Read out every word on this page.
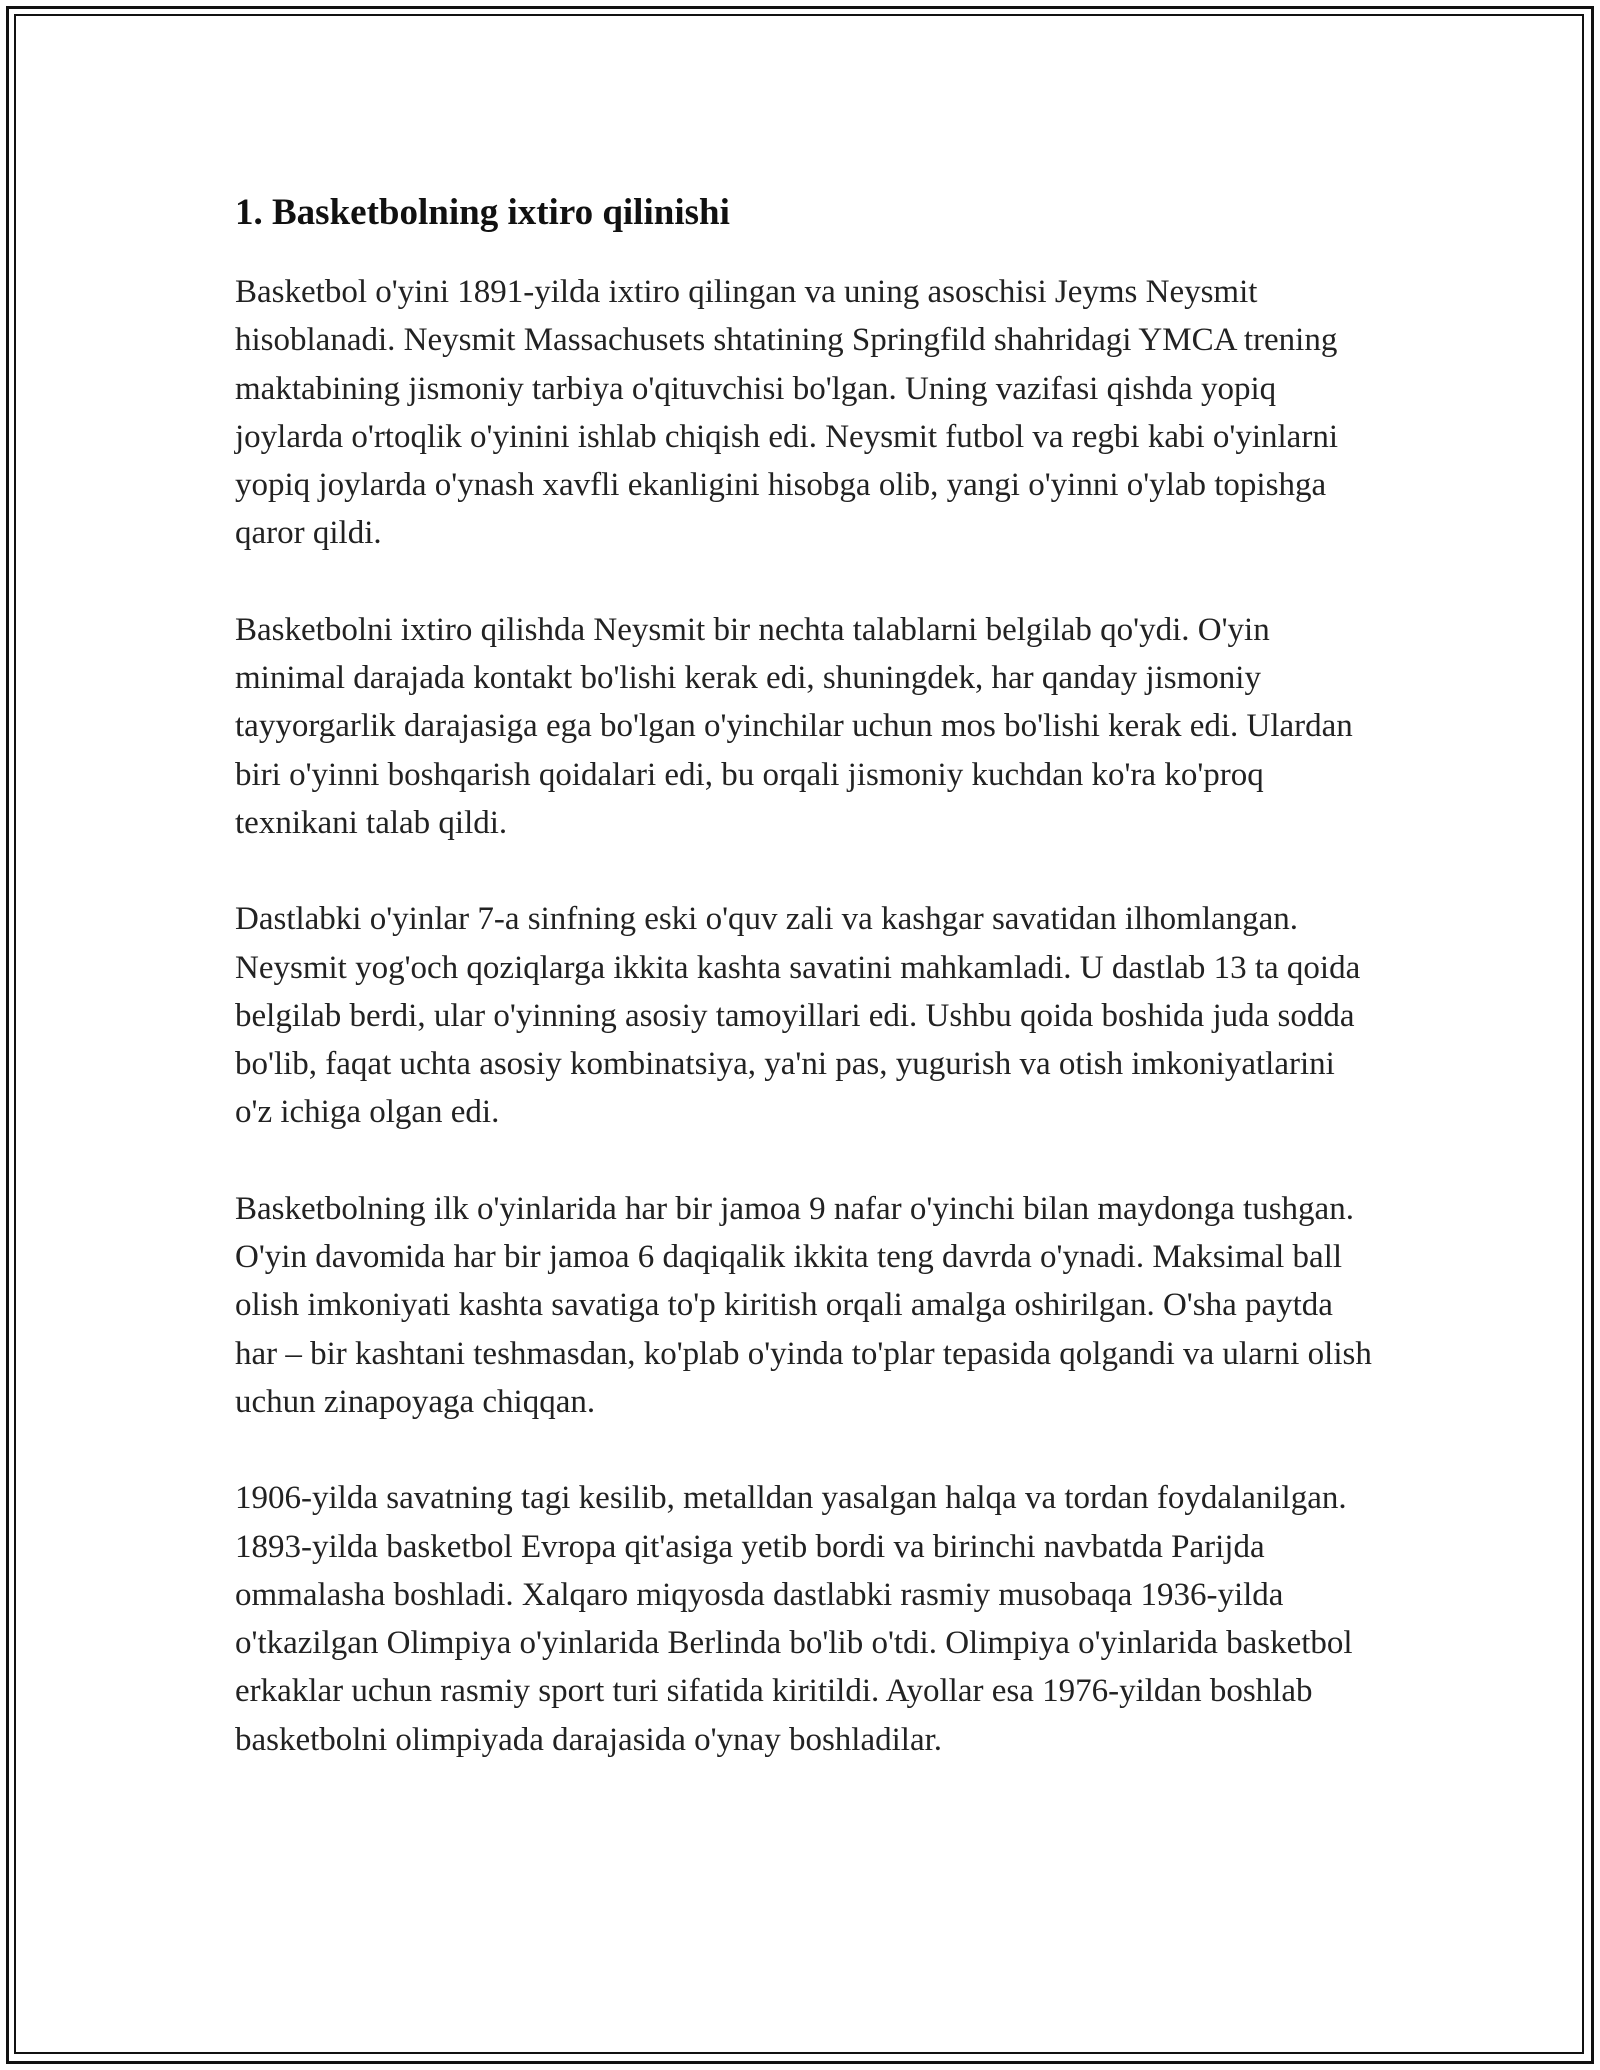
1. Basketbolning ixtiro qilinishi

Basketbol o'yini 1891-yilda ixtiro qilingan va uning asoschisi Jeyms Neysmit hisoblanadi. Neysmit Massachusets shtatining Springfild shahridagi YMCA trening maktabining jismoniy tarbiya o'qituvchisi bo'lgan. Uning vazifasi qishda yopiq joylarda o'rtoqlik o'yinini ishlab chiqish edi. Neysmit futbol va regbi kabi o'yinlarni yopiq joylarda o'ynash xavfli ekanligini hisobga olib, yangi o'yinni o'ylab topishga qaror qildi.

Basketbolni ixtiro qilishda Neysmit bir nechta talablarni belgilab qo'ydi. O'yin minimal darajada kontakt bo'lishi kerak edi, shuningdek, har qanday jismoniy tayyorgarlik darajasiga ega bo'lgan o'yinchilar uchun mos bo'lishi kerak edi. Ulardan biri o'yinni boshqarish qoidalari edi, bu orqali jismoniy kuchdan ko'ra ko'proq texnikani talab qildi.

Dastlabki o'yinlar 7-a sinfning eski o'quv zali va kashgar savatidan ilhomlangan. Neysmit yog'och qoziqlarga ikkita kashta savatini mahkamladi. U dastlab 13 ta qoida belgilab berdi, ular o'yinning asosiy tamoyillari edi. Ushbu qoida boshida juda sodda bo'lib, faqat uchta asosiy kombinatsiya, ya'ni pas, yugurish va otish imkoniyatlarini o'z ichiga olgan edi.

Basketbolning ilk o'yinlarida har bir jamoa 9 nafar o'yinchi bilan maydonga tushgan. O'yin davomida har bir jamoa 6 daqiqalik ikkita teng davrda o'ynadi. Maksimal ball olish imkoniyati kashta savatiga to'p kiritish orqali amalga oshirilgan. O'sha paytda har – bir kashtani teshmasdan, ko'plab o'yinda to'plar tepasida qolgandi va ularni olish uchun zinapoyaga chiqqan.

1906-yilda savatning tagi kesilib, metalldan yasalgan halqa va tordan foydalanilgan. 1893-yilda basketbol Evropa qit'asiga yetib bordi va birinchi navbatda Parijda ommalasha boshladi. Xalqaro miqyosda dastlabki rasmiy musobaqa 1936-yilda o'tkazilgan Olimpiya o'yinlarida Berlinda bo'lib o'tdi. Olimpiya o'yinlarida basketbol erkaklar uchun rasmiy sport turi sifatida kiritildi. Ayollar esa 1976-yildan boshlab basketbolni olimpiyada darajasida o'ynay boshladilar.
